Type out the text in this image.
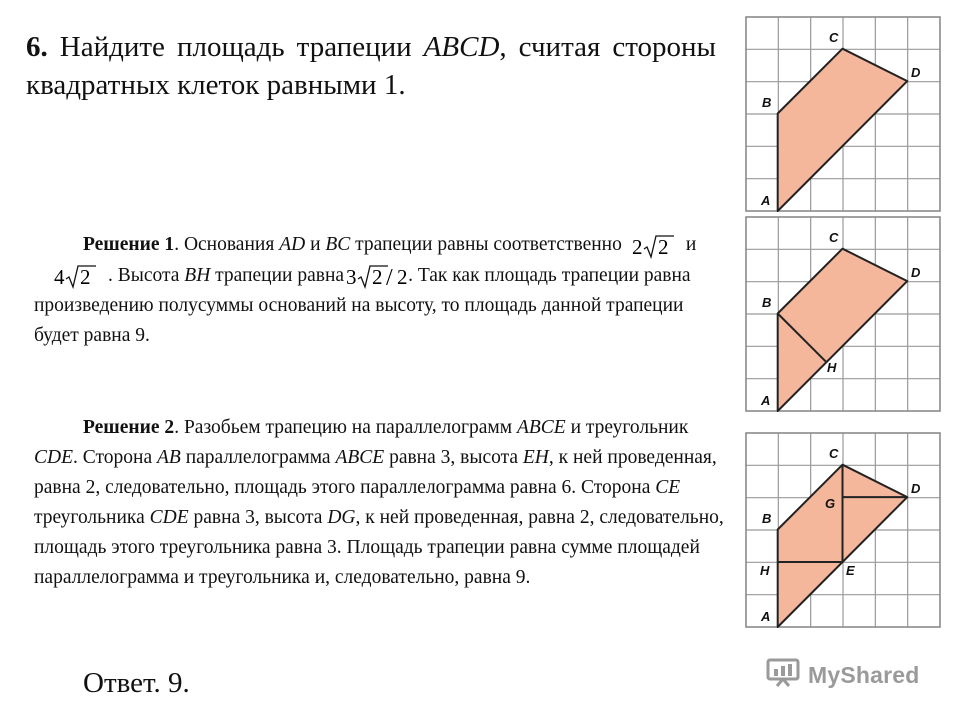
6. Найдите площадь трапеции ABCD, считая стороны квадратных клеток равными 1.

Решение 1. Основания AD и BC трапеции равны соответственно 2 2 и
4 2 . Высота BH трапеции равна 3 2 / 2 . Так как площадь трапеции равна произведению полусуммы оснований на высоту, то площадь данной трапеции будет равна 9.

Решение 2. Разобьем трапецию на параллелограмм ABCE и треугольник CDE. Сторона AB параллелограмма ABCE равна 3, высота EH, к ней проведенная, равна 2, следовательно, площадь этого параллелограмма равна 6. Сторона CE треугольника CDE равна 3, высота DG, к ней проведенная, равна 2, следовательно, площадь этого треугольника равна 3. Площадь трапеции равна сумме площадей параллелограмма и треугольника и, следовательно, равна 9.

Ответ. 9.

A
B
C
D
A
B
C
D
H
A
B
C
D
G
H	E
MyShared
